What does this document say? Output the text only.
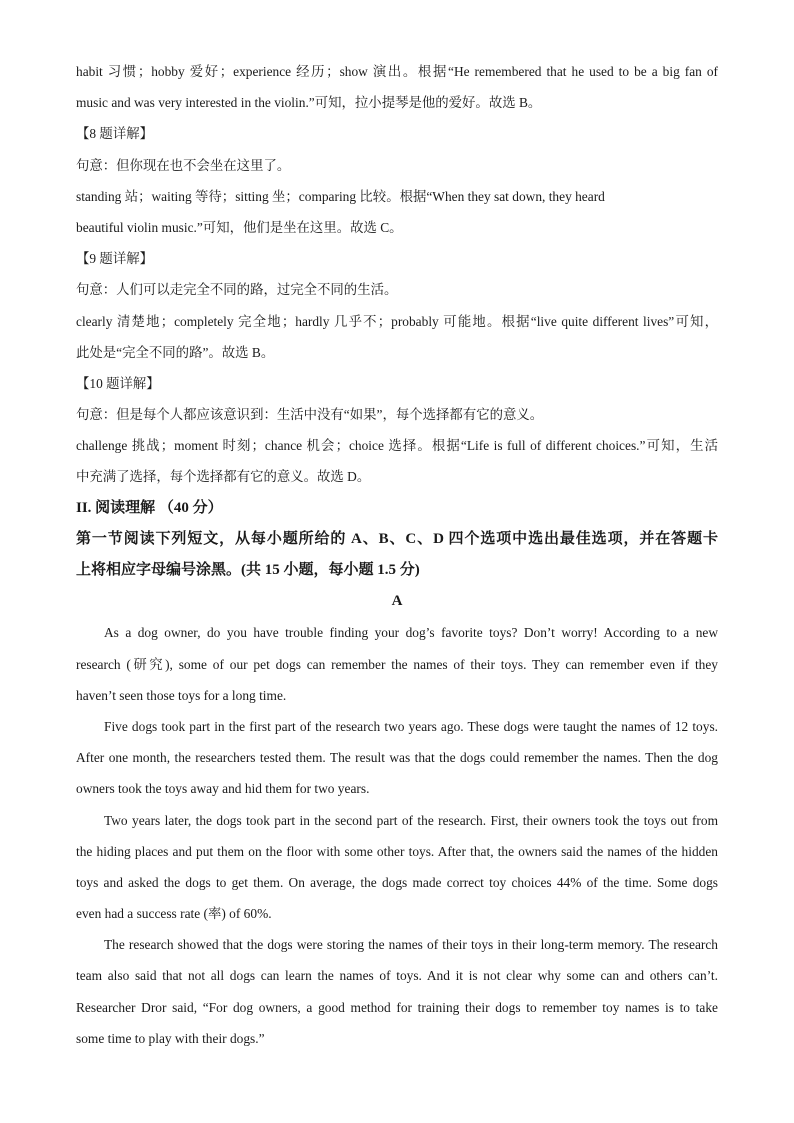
habit 习惯；hobby 爱好；experience 经历；show 演出。根据“He remembered that he used to be a big fan of
music and was very interested in the violin.”可知，拉小提琴是他的爱好。故选 B。
【8 题详解】
句意：但你现在也不会坐在这里了。
standing 站；waiting 等待；sitting 坐；comparing 比较。根据“When they sat down, they heard
beautiful violin music.”可知，他们是坐在这里。故选 C。
【9 题详解】
句意：人们可以走完全不同的路，过完全不同的生活。
clearly 清楚地；completely 完全地；hardly 几乎不；probably 可能地。根据“live quite different lives”可知，
此处是“完全不同的路”。故选 B。
【10 题详解】
句意：但是每个人都应该意识到：生活中没有“如果”，每个选择都有它的意义。
challenge 挑战；moment 时刻；chance 机会；choice 选择。根据“Life is full of different choices.”可知，生活
中充满了选择，每个选择都有它的意义。故选 D。
II. 阅读理解 （40 分）
第一节阅读下列短文，从每小题所给的 A、B、C、D 四个选项中选出最佳选项，并在答题卡
上将相应字母编号涂黑。(共 15 小题，每小题 1.5 分)
A
As a dog owner, do you have trouble finding your dog’s favorite toys? Don’t worry! According to a new
research (研究), some of our pet dogs can remember the names of their toys. They can remember even if they
haven’t seen those toys for a long time.
Five dogs took part in the first part of the research two years ago. These dogs were taught the names of 12 toys.
After one month, the researchers tested them. The result was that the dogs could remember the names. Then the dog
owners took the toys away and hid them for two years.
Two years later, the dogs took part in the second part of the research. First, their owners took the toys out from
the hiding places and put them on the floor with some other toys. After that, the owners said the names of the hidden
toys and asked the dogs to get them. On average, the dogs made correct toy choices 44% of the time. Some dogs
even had a success rate (率) of 60%.
The research showed that the dogs were storing the names of their toys in their long-term memory. The research
team also said that not all dogs can learn the names of toys. And it is not clear why some can and others can’t.
Researcher Dror said, “For dog owners, a good method for training their dogs to remember toy names is to take
some time to play with their dogs.”
